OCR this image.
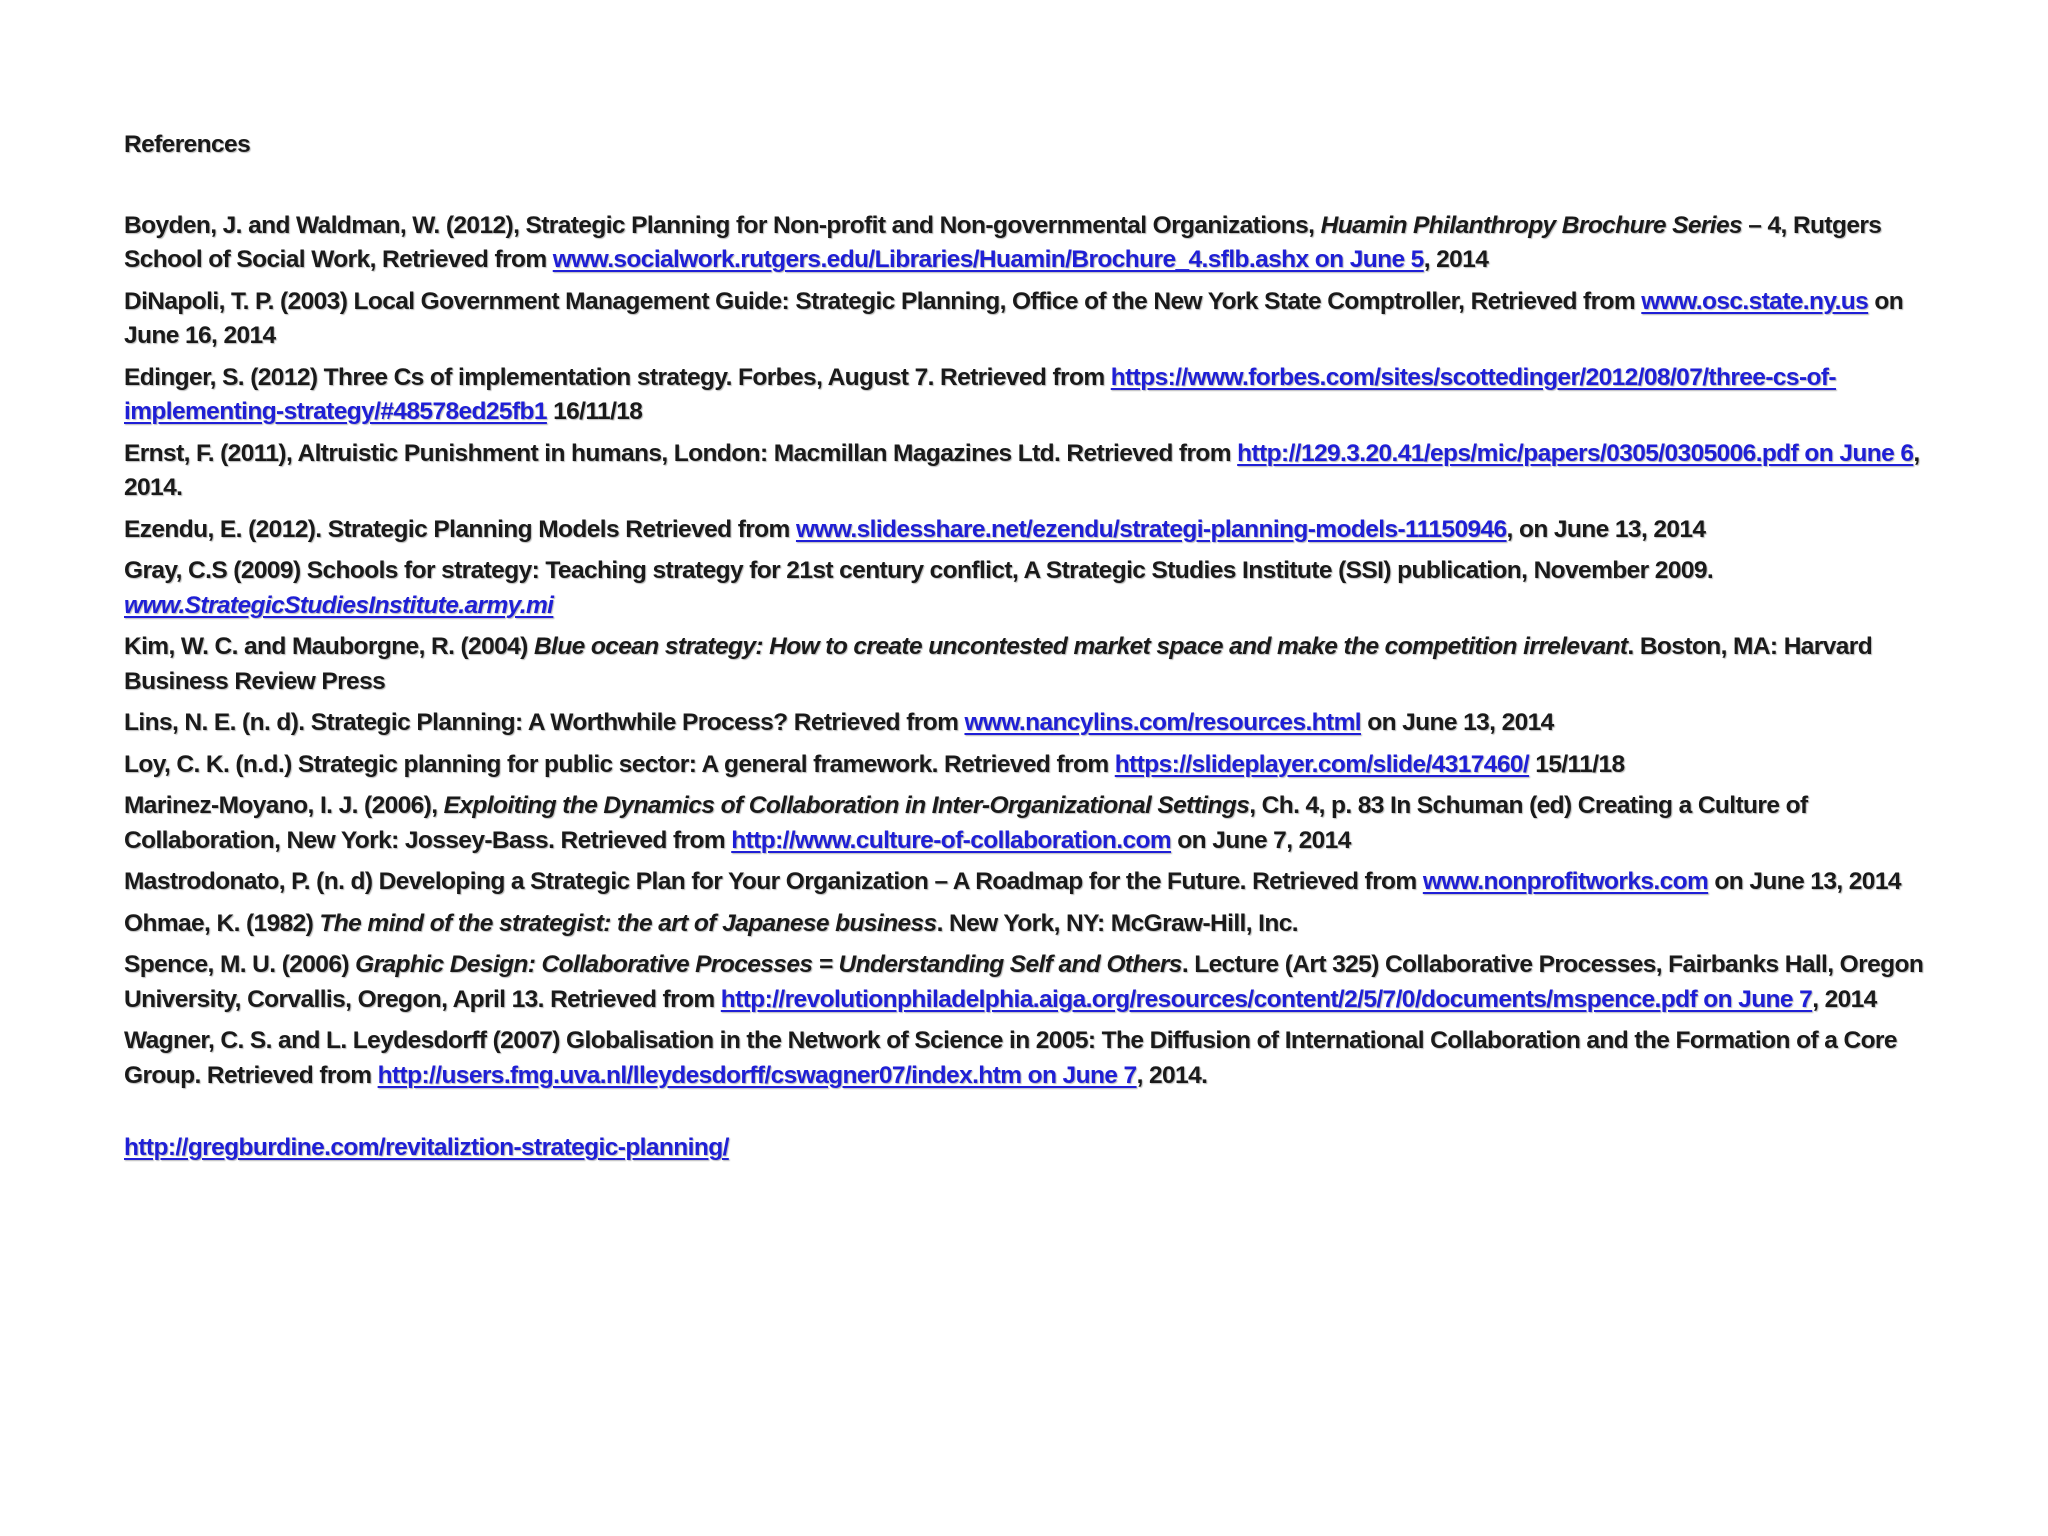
References
Boyden, J. and Waldman, W. (2012), Strategic Planning for Non-profit and Non-governmental Organizations, Huamin Philanthropy Brochure Series – 4, Rutgers School of Social Work, Retrieved from www.socialwork.rutgers.edu/Libraries/Huamin/Brochure_4.sflb.ashx on June 5, 2014
DiNapoli, T. P. (2003) Local Government Management Guide: Strategic Planning, Office of the New York State Comptroller, Retrieved from www.osc.state.ny.us on June 16, 2014
Edinger, S. (2012) Three Cs of implementation strategy. Forbes, August 7. Retrieved from https://www.forbes.com/sites/scottedinger/2012/08/07/three-cs-of-implementing-strategy/#48578ed25fb1 16/11/18
Ernst, F. (2011), Altruistic Punishment in humans, London: Macmillan Magazines Ltd. Retrieved from http://129.3.20.41/eps/mic/papers/0305/0305006.pdf on June 6, 2014.
Ezendu, E. (2012). Strategic Planning Models Retrieved from www.slidesshare.net/ezendu/strategi-planning-models-11150946, on June 13, 2014
Gray, C.S (2009) Schools for strategy: Teaching strategy for 21st century conflict, A Strategic Studies Institute (SSI) publication, November 2009. www.StrategicStudiesInstitute.army.mi
Kim, W. C. and Mauborgne, R. (2004) Blue ocean strategy: How to create uncontested market space and make the competition irrelevant. Boston, MA: Harvard Business Review Press
Lins, N. E. (n. d). Strategic Planning: A Worthwhile Process? Retrieved from www.nancylins.com/resources.html on June 13, 2014
Loy, C. K. (n.d.) Strategic planning for public sector: A general framework. Retrieved from https://slideplayer.com/slide/4317460/ 15/11/18
Marinez-Moyano, I. J. (2006), Exploiting the Dynamics of Collaboration in Inter-Organizational Settings, Ch. 4, p. 83 In Schuman (ed) Creating a Culture of Collaboration, New York: Jossey-Bass. Retrieved from http://www.culture-of-collaboration.com on June 7, 2014
Mastrodonato, P. (n. d) Developing a Strategic Plan for Your Organization – A Roadmap for the Future. Retrieved from www.nonprofitworks.com on June 13, 2014
Ohmae, K. (1982) The mind of the strategist: the art of Japanese business. New York, NY: McGraw-Hill, Inc.
Spence, M. U. (2006) Graphic Design: Collaborative Processes = Understanding Self and Others. Lecture (Art 325) Collaborative Processes, Fairbanks Hall, Oregon University, Corvallis, Oregon, April 13. Retrieved from http://revolutionphiladelphia.aiga.org/resources/content/2/5/7/0/documents/mspence.pdf on June 7, 2014
Wagner, C. S. and L. Leydesdorff (2007) Globalisation in the Network of Science in 2005: The Diffusion of International Collaboration and the Formation of a Core Group. Retrieved from http://users.fmg.uva.nl/lleydesdorff/cswagner07/index.htm on June 7, 2014.
http://gregburdine.com/revitaliztion-strategic-planning/
